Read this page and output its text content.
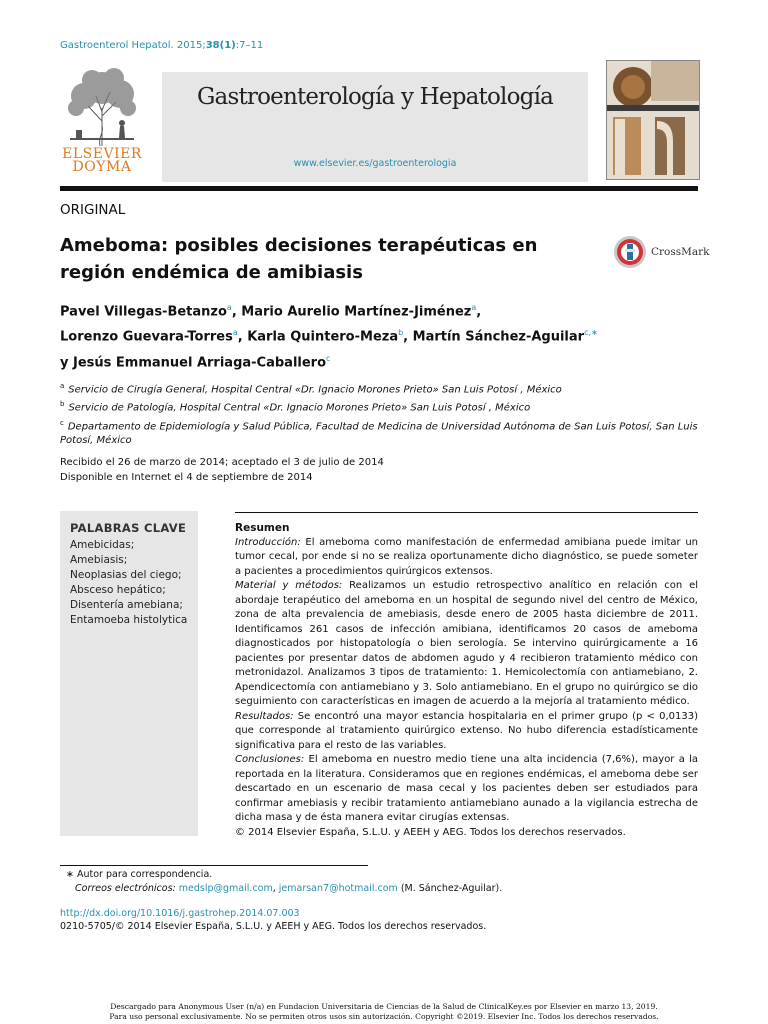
Gastroenterol Hepatol. 2015;38(1):7–11
ELSEVIER
DOYMA
Gastroenterología y Hepatología
www.elsevier.es/gastroenterologia
ORIGINAL
Ameboma: posibles decisiones terapéuticas en región endémica de amibiasis
CrossMark
Pavel Villegas-Betanzo$^a$, Mario Aurelio Martínez-Jiménez$^a$,
Lorenzo Guevara-Torres$^a$, Karla Quintero-Meza$^b$, Martín Sánchez-Aguilar$^{c,∗}$
y Jesús Emmanuel Arriaga-Caballero$^c$
$^a$ Servicio de Cirugía General, Hospital Central «Dr. Ignacio Morones Prieto» San Luis Potosí , México
$^b$ Servicio de Patología, Hospital Central «Dr. Ignacio Morones Prieto» San Luis Potosí , México
$^c$ Departamento de Epidemiología y Salud Pública, Facultad de Medicina de Universidad Autónoma de San Luis Potosí, San Luis Potosí, México
Recibido el 26 de marzo de 2014; aceptado el 3 de julio de 2014
Disponible en Internet el 4 de septiembre de 2014
PALABRAS CLAVE
Amebicidas;
Amebiasis;
Neoplasias del ciego;
Absceso hepático;
Disentería amebiana;
Entamoeba histolytica
Resumen

Introducción: El ameboma como manifestación de enfermedad amibiana puede imitar un tumor cecal, por ende si no se realiza oportunamente dicho diagnóstico, se puede someter a pacientes a procedimientos quirúrgicos extensos.

Material y métodos: Realizamos un estudio retrospectivo analítico en relación con el abordaje terapéutico del ameboma en un hospital de segundo nivel del centro de México, zona de alta prevalencia de amebiasis, desde enero de 2005 hasta diciembre de 2011. Identificamos 261 casos de infección amibiana, identificamos 20 casos de ameboma diagnosticados por histopatología o bien serología. Se intervino quirúrgicamente a 16 pacientes por presentar datos de abdomen agudo y 4 recibieron tratamiento médico con metronidazol. Analizamos 3 tipos de tratamiento: 1. Hemicolectomía con antiamebiano, 2. Apendicectomía con antiamebiano y 3. Solo antiamebiano. En el grupo no quirúrgico se dio seguimiento con características en imagen de acuerdo a la mejoría al tratamiento médico.

Resultados: Se encontró una mayor estancia hospitalaria en el primer grupo (p < 0,0133) que corresponde al tratamiento quirúrgico extenso. No hubo diferencia estadísticamente significativa para el resto de las variables.

Conclusiones: El ameboma en nuestro medio tiene una alta incidencia (7,6%), mayor a la reportada en la literatura. Consideramos que en regiones endémicas, el ameboma debe ser descartado en un escenario de masa cecal y los pacientes deben ser estudiados para confirmar amebiasis y recibir tratamiento antiamebiano aunado a la vigilancia estrecha de dicha masa y de ésta manera evitar cirugías extensas.

© 2014 Elsevier España, S.L.U. y AEEH y AEG. Todos los derechos reservados.

∗ Autor para correspondencia.
Correos electrónicos: medslp@gmail.com, jemarsan7@hotmail.com (M. Sánchez-Aguilar).
http://dx.doi.org/10.1016/j.gastrohep.2014.07.003
0210-5705/© 2014 Elsevier España, S.L.U. y AEEH y AEG. Todos los derechos reservados.
Descargado para Anonymous User (n/a) en Fundacion Universitaria de Ciencias de la Salud de ClinicalKey.es por Elsevier en marzo 13, 2019.
Para uso personal exclusivamente. No se permiten otros usos sin autorización. Copyright ©2019. Elsevier Inc. Todos los derechos reservados.
